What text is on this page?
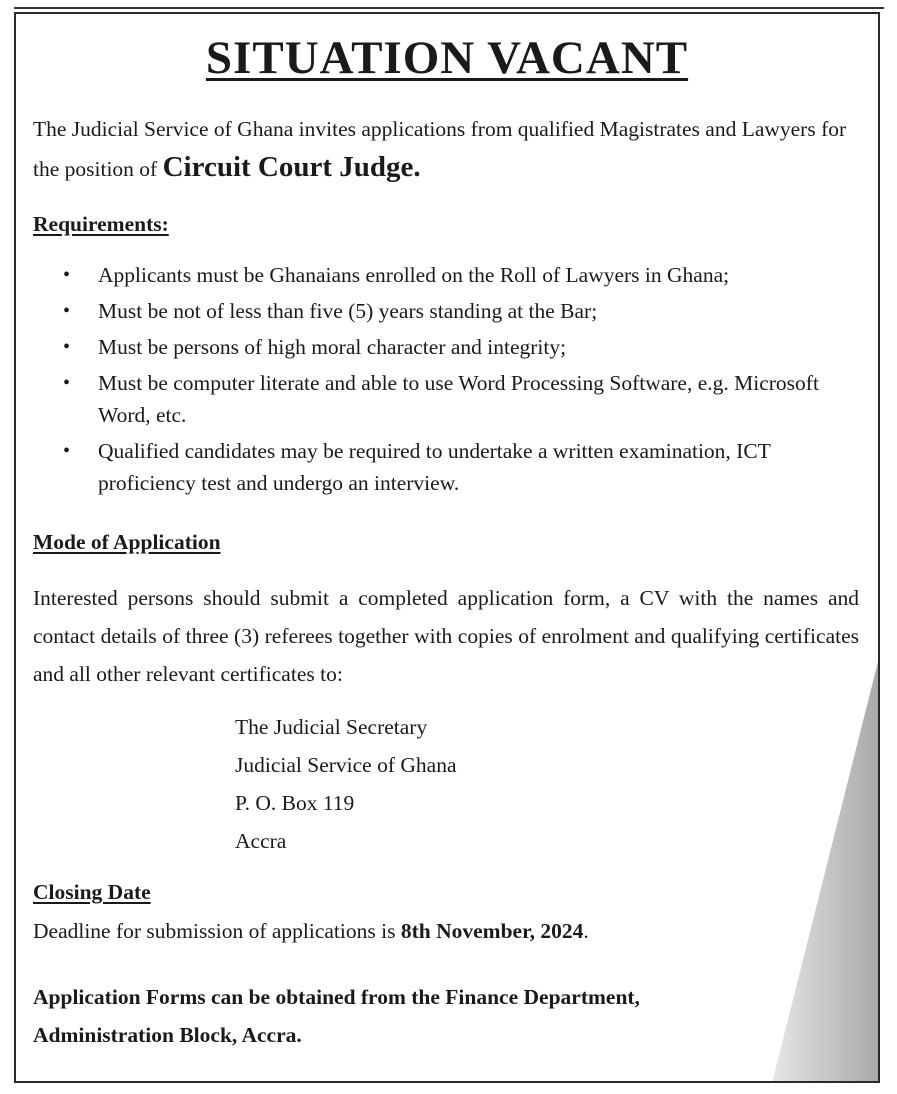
SITUATION VACANT
The Judicial Service of Ghana invites applications from qualified Magistrates and Lawyers for the position of Circuit Court Judge.
Requirements:
• Applicants must be Ghanaians enrolled on the Roll of Lawyers in Ghana;
• Must be not of less than five (5) years standing at the Bar;
• Must be persons of high moral character and integrity;
• Must be computer literate and able to use Word Processing Software, e.g. Microsoft Word, etc.
• Qualified candidates may be required to undertake a written examination, ICT proficiency test and undergo an interview.
Mode of Application
Interested persons should submit a completed application form, a CV with the names and contact details of three (3) referees together with copies of enrolment and qualifying certificates and all other relevant certificates to:
The Judicial Secretary
Judicial Service of Ghana
P. O. Box 119
Accra
Closing Date
Deadline for submission of applications is 8th November, 2024.
Application Forms can be obtained from the Finance Department,
Administration Block, Accra.
